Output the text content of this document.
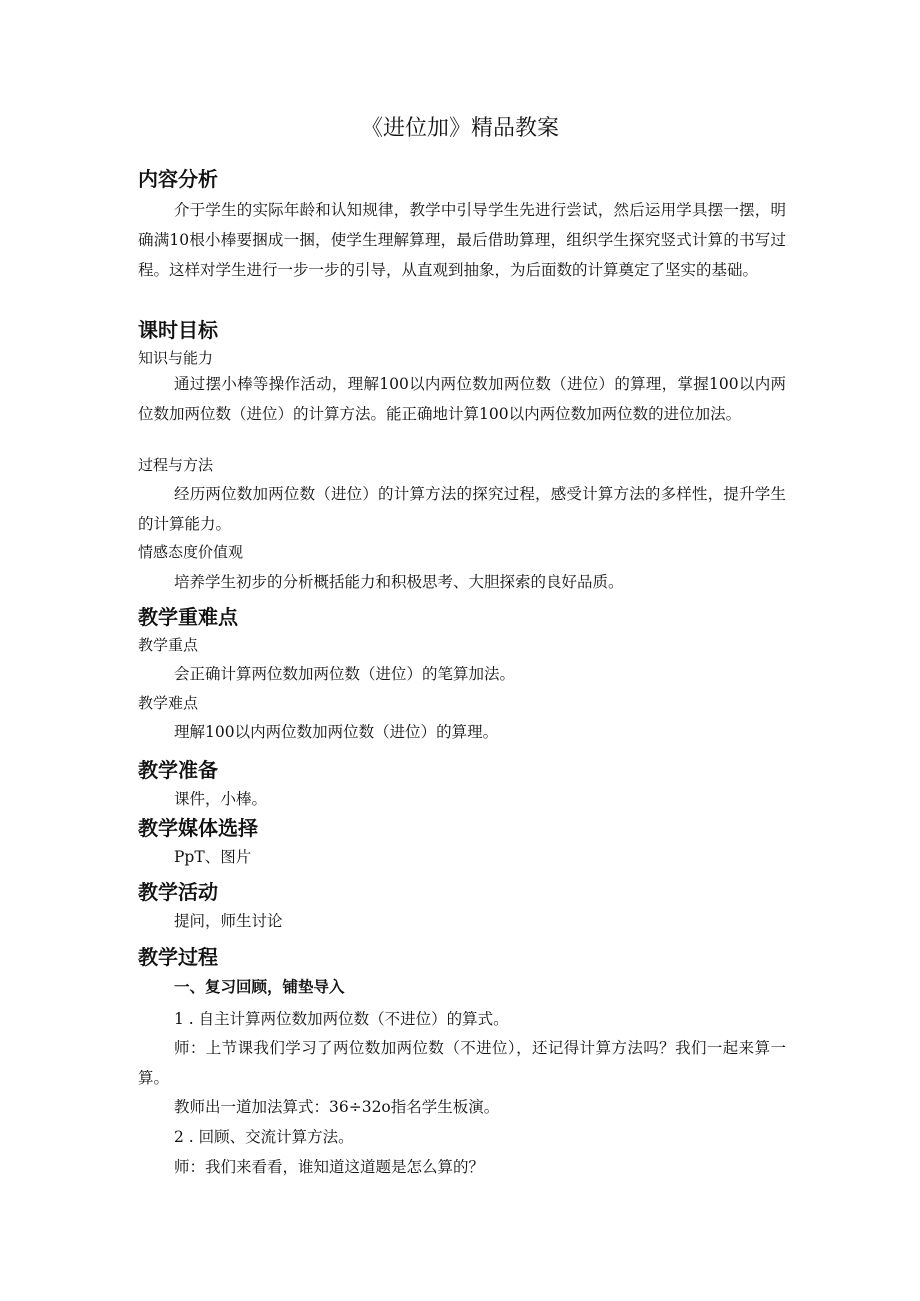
《进位加》精品教案
内容分析

介于学生的实际年龄和认知规律，教学中引导学生先进行尝试，然后运用学具摆一摆，明确满10根小棒要捆成一捆，使学生理解算理，最后借助算理，组织学生探究竖式计算的书写过程。这样对学生进行一步一步的引导，从直观到抽象，为后面数的计算奠定了坚实的基础。

课时目标
知识与能力

通过摆小棒等操作活动，理解100以内两位数加两位数（进位）的算理，掌握100以内两位数加两位数（进位）的计算方法。能正确地计算100以内两位数加两位数的进位加法。

过程与方法

经历两位数加两位数（进位）的计算方法的探究过程，感受计算方法的多样性，提升学生的计算能力。

情感态度价值观

培养学生初步的分析概括能力和积极思考、大胆探索的良好品质。

教学重难点
教学重点
会正确计算两位数加两位数（进位）的笔算加法。
教学难点
理解100以内两位数加两位数（进位）的算理。
教学准备
课件，小棒。
教学媒体选择
PpT、图片
教学活动
提问，师生讨论
教学过程
一、复习回顾，铺垫导入
1 . 自主计算两位数加两位数（不进位）的算式。

师：上节课我们学习了两位数加两位数（不进位），还记得计算方法吗？我们一起来算一算。

教师出一道加法算式：36÷32o指名学生板演。
2 . 回顾、交流计算方法。
师：我们来看看，谁知道这道题是怎么算的？
